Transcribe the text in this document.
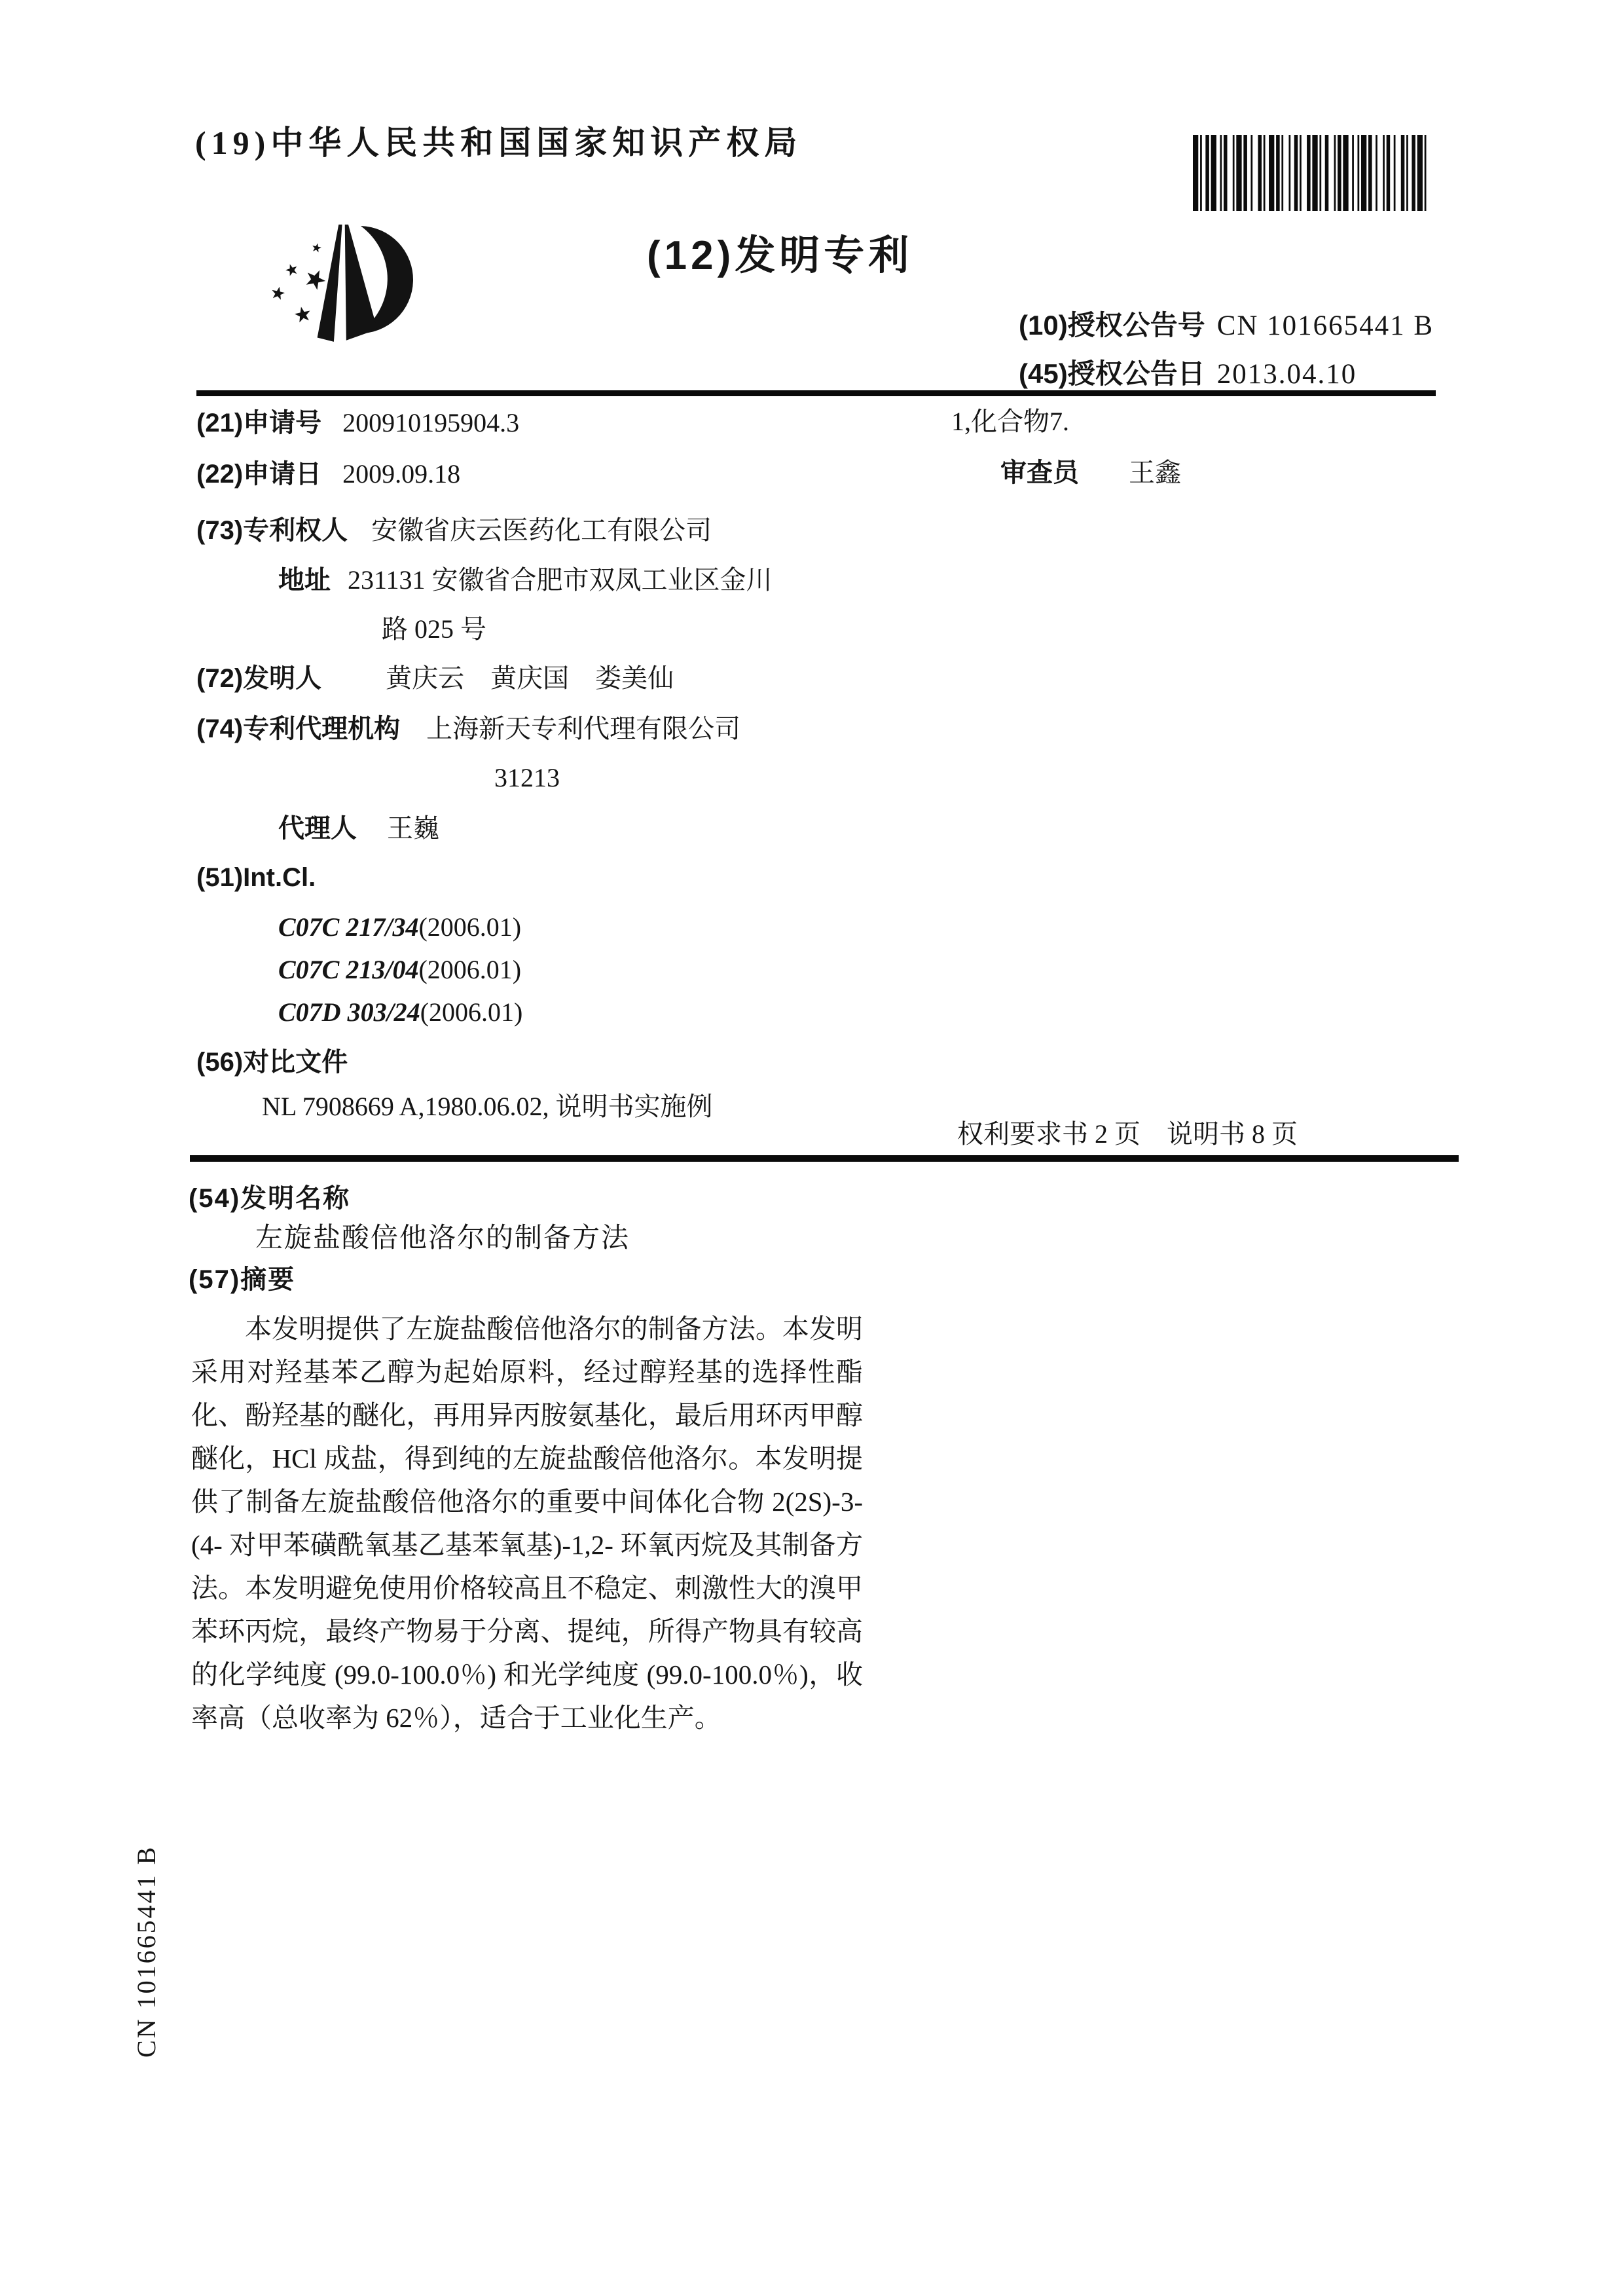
(19)中华人民共和国国家知识产权局
(12)发明专利
(10)授权公告号 CN 101665441 B
(45)授权公告日 2013.04.10
(21)申请号 200910195904.3
(22)申请日 2009.09.18
(73)专利权人 安徽省庆云医药化工有限公司
地址 231131 安徽省合肥市双凤工业区金川
路 025 号
(72)发明人 黄庆云　黄庆国　娄美仙
(74)专利代理机构 上海新天专利代理有限公司
31213
代理人 王巍
(51)Int.Cl.
C07C 217/34(2006.01)
C07C 213/04(2006.01)
C07D 303/24(2006.01)
(56)对比文件
NL 7908669 A,1980.06.02, 说明书实施例
1,化合物7.
审查员 王鑫
权利要求书 2 页　说明书 8 页
(54)发明名称
左旋盐酸倍他洛尔的制备方法
(57)摘要
本发明提供了左旋盐酸倍他洛尔的制备方法。本发明采用对羟基苯乙醇为起始原料，经过醇羟基的选择性酯化、酚羟基的醚化，再用异丙胺氨基化，最后用环丙甲醇醚化，HCl 成盐，得到纯的左旋盐酸倍他洛尔。本发明提供了制备左旋盐酸倍他洛尔的重要中间体化合物 2(2S)-3-(4- 对甲苯磺酰氧基乙基苯氧基)-1,2- 环氧丙烷及其制备方法。本发明避免使用价格较高且不稳定、刺激性大的溴甲苯环丙烷，最终产物易于分离、提纯，所得产物具有较高的化学纯度 (99.0-100.0％) 和光学纯度 (99.0-100.0％)，收率高（总收率为 62％），适合于工业化生产。
CN 101665441 B
